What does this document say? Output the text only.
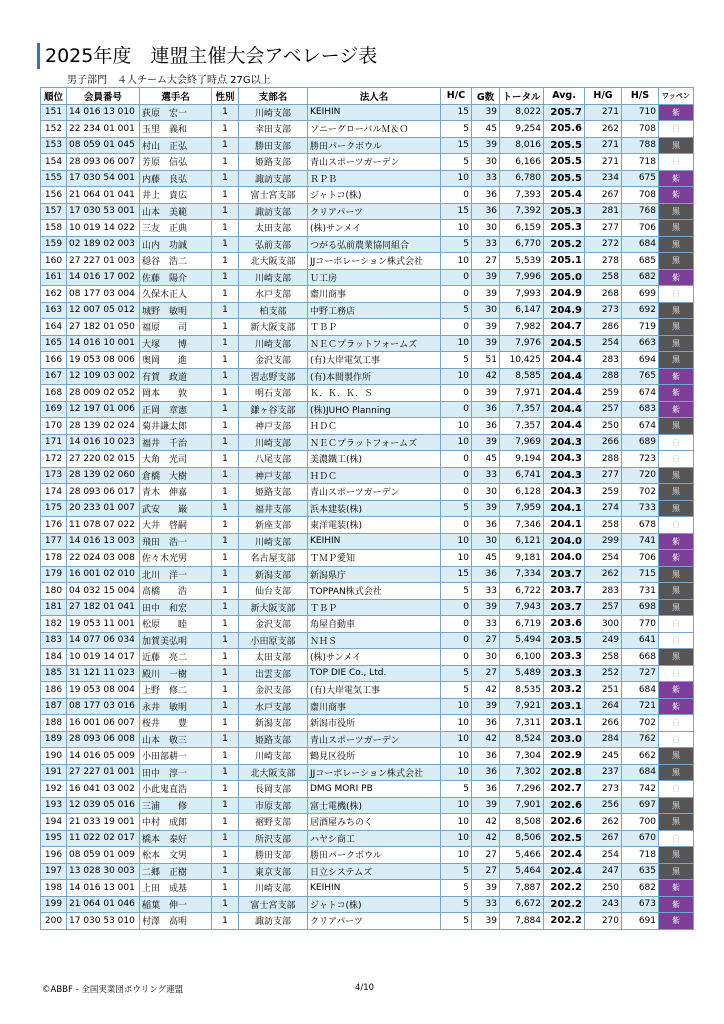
2025年度　連盟主催大会アベレージ表
男子部門　４人チーム大会終了時点 27G以上
順位	会員番号	選手名	性別	支部名	法人名	H/C	G数	トータル	Avg.	H/G	H/S	ワッペン
151	14 016 13 010	荻原　宏一	1	川崎支部	KEIHIN	15	39	8,022	205.7	271	710	紫
152	22 234 01 001	玉里　義和	1	幸田支部	ソニーグローバルＭ＆Ｏ	5	45	9,254	205.6	262	708	白
153	08 059 01 045	村山　正弘	1	勝田支部	勝田パークボウル	15	39	8,016	205.5	271	788	黒
154	28 093 06 007	芳原　信弘	1	姫路支部	青山スポーツガーデン	5	30	6,166	205.5	271	718	白
155	17 030 54 001	内藤　良弘	1	諏訪支部	ＲＰＢ	10	33	6,780	205.5	234	675	紫
156	21 064 01 041	井上　貴広	1	富士宮支部	ジャトコ(株)	0	36	7,393	205.4	267	708	紫
157	17 030 53 001	山本　美範	1	諏訪支部	クリアパーツ	15	36	7,392	205.3	281	768	黒
158	10 019 14 022	三友　正典	1	太田支部	(株)サンメイ	10	30	6,159	205.3	277	706	黒
159	02 189 02 003	山内　功誠	1	弘前支部	つがる弘前農業協同組合	5	33	6,770	205.2	272	684	黒
160	27 227 01 003	穏谷　浩二	1	北大阪支部	JJコーポレーション株式会社	10	27	5,539	205.1	278	685	黒
161	14 016 17 002	佐藤　陽介	1	川崎支部	Ｕ工房	0	39	7,996	205.0	258	682	紫
162	08 177 03 004	久保木正人	1	水戸支部	齋川商事	0	39	7,993	204.9	268	699	白
163	12 007 05 012	城野　敏明	1	柏支部	中野工務店	5	30	6,147	204.9	273	692	黒
164	27 182 01 050	福原　　司	1	新大阪支部	ＴＢＰ	0	39	7,982	204.7	286	719	黒
165	14 016 10 001	大塚　　博	1	川崎支部	ＮＥＣプラットフォームズ	10	39	7,976	204.5	254	663	黒
166	19 053 08 006	奥岡　　進	1	金沢支部	(有)大岸電気工事	5	51	10,425	204.4	283	694	黒
167	12 109 03 002	有賀　政道	1	習志野支部	(有)本間製作所	10	42	8,585	204.4	288	765	紫
168	28 009 02 052	岡本　　敦	1	明石支部	Ｋ．Ｋ．Ｋ．Ｓ	0	39	7,971	204.4	259	674	紫
169	12 197 01 006	正岡　章憲	1	鎌ヶ谷支部	(株)JUHO Planning	0	36	7,357	204.4	257	683	紫
170	28 139 02 024	菊井謙太郎	1	神戸支部	ＨＤＣ	10	36	7,357	204.4	250	674	黒
171	14 016 10 023	福井　千治	1	川崎支部	ＮＥＣプラットフォームズ	10	39	7,969	204.3	266	689	白
172	27 220 02 015	大角　光司	1	八尾支部	美濃鐵工(株)	0	45	9,194	204.3	288	723	白
173	28 139 02 060	倉橋　大樹	1	神戸支部	ＨＤＣ	0	33	6,741	204.3	277	720	黒
174	28 093 06 017	青木　伸嘉	1	姫路支部	青山スポーツガーデン	0	30	6,128	204.3	259	702	黒
175	20 233 01 007	武安　　巌	1	福井支部	浜本建装(株)	5	39	7,959	204.1	274	733	黒
176	11 078 07 022	大井　啓嗣	1	新座支部	東洋電装(株)	0	36	7,346	204.1	258	678	白
177	14 016 13 003	飛田　浩一	1	川崎支部	KEIHIN	10	30	6,121	204.0	299	741	紫
178	22 024 03 008	佐々木光男	1	名古屋支部	ＴＭＰ愛知	10	45	9,181	204.0	254	706	紫
179	16 001 02 010	北川　洋一	1	新潟支部	新潟県庁	15	36	7,334	203.7	262	715	黒
180	04 032 15 004	高橋　　浩	1	仙台支部	TOPPAN株式会社	5	33	6,722	203.7	283	731	黒
181	27 182 01 041	田中　和宏	1	新大阪支部	ＴＢＰ	0	39	7,943	203.7	257	698	黒
182	19 053 11 001	松原　　睦	1	金沢支部	角屋自動車	0	33	6,719	203.6	300	770	白
183	14 077 06 034	加賀美弘明	1	小田原支部	ＮＨＳ	0	27	5,494	203.5	249	641	白
184	10 019 14 017	近藤　亮二	1	太田支部	(株)サンメイ	0	30	6,100	203.3	258	668	黒
185	31 121 11 023	殿川　一樹	1	出雲支部	TOP DIE Co., Ltd.	5	27	5,489	203.3	252	727	白
186	19 053 08 004	上野　修二	1	金沢支部	(有)大岸電気工事	5	42	8,535	203.2	251	684	紫
187	08 177 03 016	永井　敏明	1	水戸支部	齋川商事	10	39	7,921	203.1	264	721	紫
188	16 001 06 007	桜井　　豊	1	新潟支部	新潟市役所	10	36	7,311	203.1	266	702	白
189	28 093 06 008	山本　敬三	1	姫路支部	青山スポーツガーデン	10	42	8,524	203.0	284	762	白
190	14 016 05 009	小田部耕一	1	川崎支部	鶴見区役所	10	36	7,304	202.9	245	662	黒
191	27 227 01 001	田中　淳一	1	北大阪支部	JJコーポレーション株式会社	10	36	7,302	202.8	237	684	黒
192	16 041 03 002	小此鬼直浩	1	長岡支部	DMG MORI PB	5	36	7,296	202.7	273	742	白
193	12 039 05 016	三浦　　修	1	市原支部	富士電機(株)	10	39	7,901	202.6	256	697	黒
194	21 033 19 001	中村　成郎	1	裾野支部	居酒屋みちのく	10	42	8,508	202.6	262	700	黒
195	11 022 02 017	橋本　泰好	1	所沢支部	ハヤシ商工	10	42	8,506	202.5	267	670	白
196	08 059 01 009	松本　文男	1	勝田支部	勝田パークボウル	10	27	5,466	202.4	254	718	黒
197	13 028 30 003	二郷　正樹	1	東京支部	日立システムズ	5	27	5,464	202.4	247	635	黒
198	14 016 13 001	上田　成基	1	川崎支部	KEIHIN	5	39	7,887	202.2	250	682	紫
199	21 064 01 046	稲葉　伸一	1	富士宮支部	ジャトコ(株)	5	33	6,672	202.2	243	673	紫
200	17 030 53 010	村澤　高明	1	諏訪支部	クリアパーツ	5	39	7,884	202.2	270	691	紫
©ABBF - 全国実業団ボウリング連盟	4/10
